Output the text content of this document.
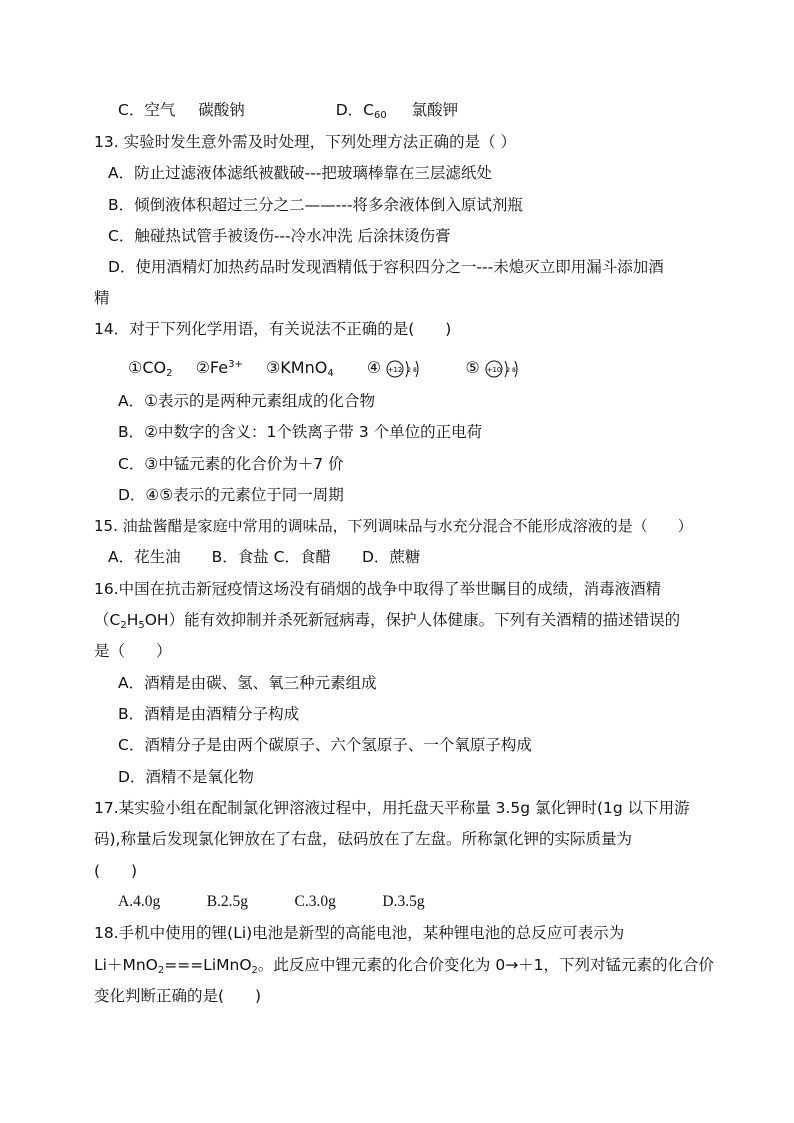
C．空气 碳酸钠	D．C60 氯酸钾
13. 实验时发生意外需及时处理，下列处理方法正确的是（ ）
A．防止过滤液体滤纸被戳破---把玻璃棒靠在三层滤纸处
B．倾倒液体积超过三分之二——---将多余液体倒入原试剂瓶
C．触碰热试管手被烫伤---冷水冲洗 后涂抹烫伤膏
D．使用酒精灯加热药品时发现酒精低于容积四分之一---未熄灭立即用漏斗添加酒
精
14．对于下列化学用语，有关说法不正确的是(　　)
①CO2 ②Fe3+ ③KMnO4 ④ +12 2 8	⑤ +10 2 8
A．①表示的是两种元素组成的化合物
B．②中数字的含义：1个铁离子带 3 个单位的正电荷
C．③中锰元素的化合价为＋7 价
D．④⑤表示的元素位于同一周期
15. 油盐酱醋是家庭中常用的调味品，下列调味品与水充分混合不能形成溶液的是（　　）
A．花生油　　B．食盐 C．食醋　　D．蔗糖
16.中国在抗击新冠疫情这场没有硝烟的战争中取得了举世瞩目的成绩，消毒液酒精
$(C_2H_5OH)$能有效抑制并杀死新冠病毒，保护人体健康。下列有关酒精的描述错误的
是（　　）
A．酒精是由碳、氢、氧三种元素组成
B．酒精是由酒精分子构成
C．酒精分子是由两个碳原子、六个氢原子、一个氧原子构成
D．酒精不是氧化物
17.某实验小组在配制氯化钾溶液过程中，用托盘天平称量 3.5g 氯化钾时(1g 以下用游
码),称量后发现氯化钾放在了右盘，砝码放在了左盘。所称氯化钾的实际质量为
(　　)
A.4.0g　　　B.2.5g　　　C.3.0g　　　D.3.5g
18.手机中使用的锂(Li)电池是新型的高能电池，某种锂电池的总反应可表示为
Li＋MnO$_2$===LiMnO$_2$。此反应中锂元素的化合价变化为 0→＋1，下列对锰元素的化合价
变化判断正确的是(　　)
